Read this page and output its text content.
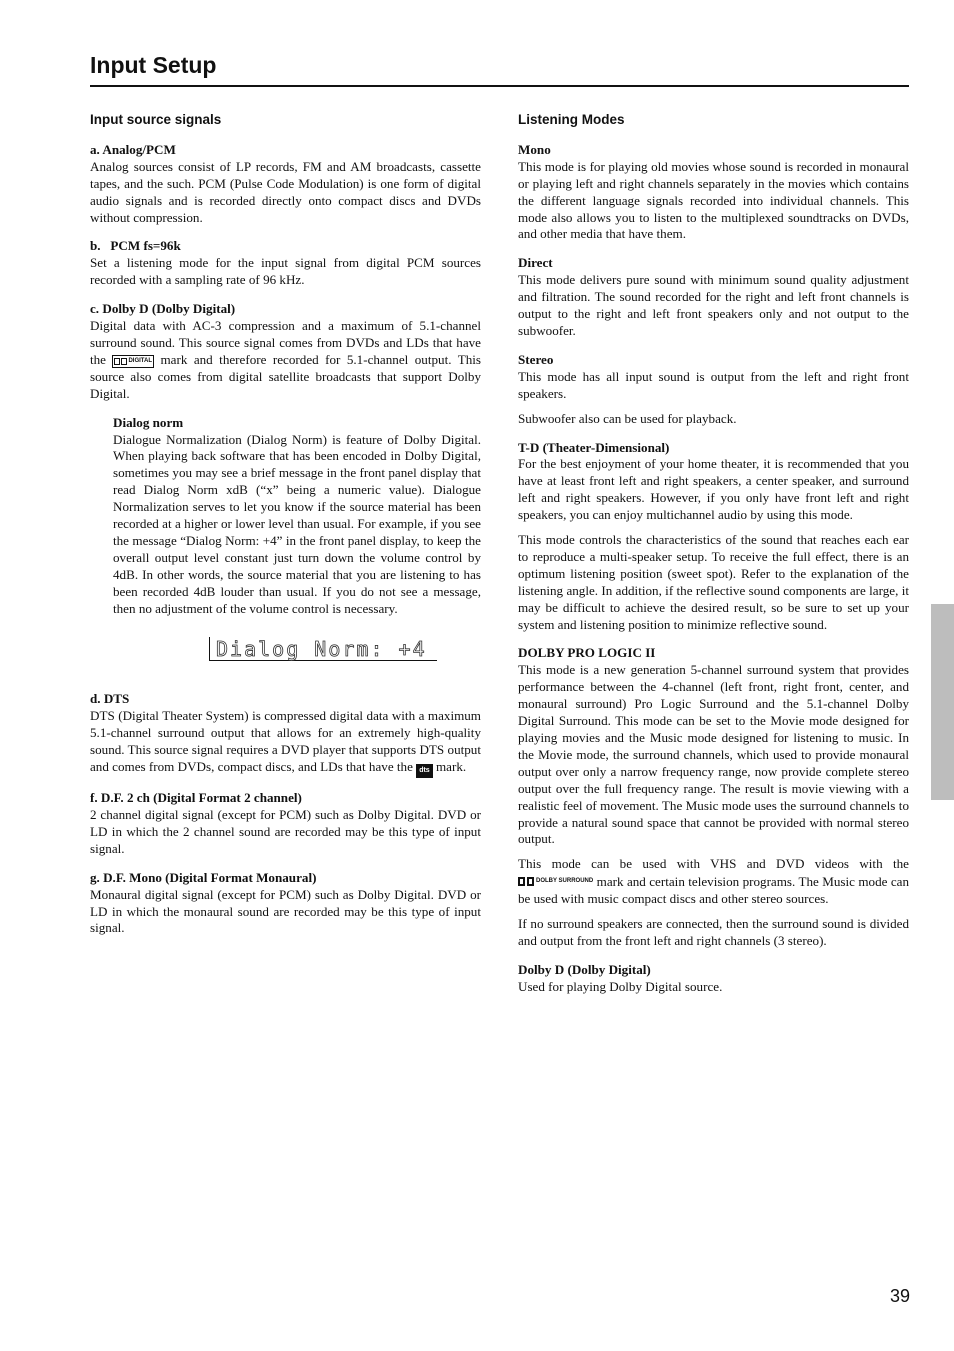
Input Setup
Input source signals
a. Analog/PCM

Analog sources consist of LP records, FM and AM broadcasts, cassette tapes, and the such. PCM (Pulse Code Modulation) is one form of digital audio signals and is recorded directly onto compact discs and DVDs without compression.

b.   PCM fs=96k

Set a listening mode for the input signal from digital PCM sources recorded with a sampling rate of 96 kHz.

c. Dolby D (Dolby Digital)

Digital data with AC-3 compression and a maximum of 5.1-channel surround sound. This source signal comes from DVDs and LDs that have the	DIGITAL mark and therefore recorded for 5.1-channel output. This source also comes from digital satellite broadcasts that support Dolby Digital.

Dialog norm

Dialogue Normalization (Dialog Norm) is feature of Dolby Digital. When playing back software that has been encoded in Dolby Digital, sometimes you may see a brief message in the front panel display that read Dialog Norm xdB (“x” being a numeric value). Dialogue Normalization serves to let you know if the source material has been recorded at a higher or lower level than usual. For example, if you see the message “Dialog Norm: +4” in the front panel display, to keep the overall output level constant just turn down the volume control by 4dB. In other words, the source material that you are listening to has been recorded 4dB louder than usual. If you do not see a message, then no adjustment of the volume control is necessary.

Dialog Norm: +4
d. DTS

DTS (Digital Theater System) is compressed digital data with a maximum 5.1-channel surround output that allows for an extremely high-quality sound. This source signal requires a DVD player that supports DTS output and comes from DVDs, compact discs, and LDs that have the dts mark.

f. D.F. 2 ch (Digital Format 2 channel)

2 channel digital signal (except for PCM) such as Dolby Digital. DVD or LD in which the 2 channel sound are recorded may be this type of input signal.

g. D.F. Mono (Digital Format Monaural)

Monaural digital signal (except for PCM) such as Dolby Digital. DVD or LD in which the monaural sound are recorded may be this type of input signal.

Listening Modes
Mono

This mode is for playing old movies whose sound is recorded in monaural or playing left and right channels separately in the movies which contains the different language signals recorded into individual channels. This mode also allows you to listen to the multiplexed soundtracks on DVDs, and other media that have them.

Direct

This mode delivers pure sound with minimum sound quality adjustment and filtration. The sound recorded for the right and left front channels is output to the right and left front speakers only and not output to the subwoofer.

Stereo

This mode has all input sound is output from the left and right front speakers.

Subwoofer also can be used for playback.

T-D (Theater-Dimensional)

For the best enjoyment of your home theater, it is recommended that you have at least front left and right speakers, a center speaker, and surround left and right speakers. However, if you only have front left and right speakers, you can enjoy multichannel audio by using this mode.

This mode controls the characteristics of the sound that reaches each ear to reproduce a multi-speaker setup. To receive the full effect, there is an optimum listening position (sweet spot). Refer to the explanation of the listening angle. In addition, if the reflective sound components are large, it may be difficult to achieve the desired result, so be sure to set up your system and listening position to minimize reflective sound.

DOLBY PRO LOGIC II

This mode is a new generation 5-channel surround system that provides performance between the 4-channel (left front, right front, center, and monaural surround) Pro Logic Surround and the 5.1-channel Dolby Digital Surround. This mode can be set to the Movie mode designed for playing movies and the Music mode designed for listening to music. In the Movie mode, the surround channels, which used to provide monaural output over only a narrow frequency range, now provide complete stereo output over the full frequency range. The result is movie viewing with a realistic feel of movement. The Music mode uses the surround channels to provide a natural sound space that cannot be provided with normal stereo output.

This mode can be used with VHS and DVD videos with the
DOLBY SURROUND mark and certain television programs. The Music mode can be used with music compact discs and other stereo sources.

If no surround speakers are connected, then the surround sound is divided and output from the front left and right channels (3 stereo).

Dolby D (Dolby Digital)

Used for playing Dolby Digital source.

39
